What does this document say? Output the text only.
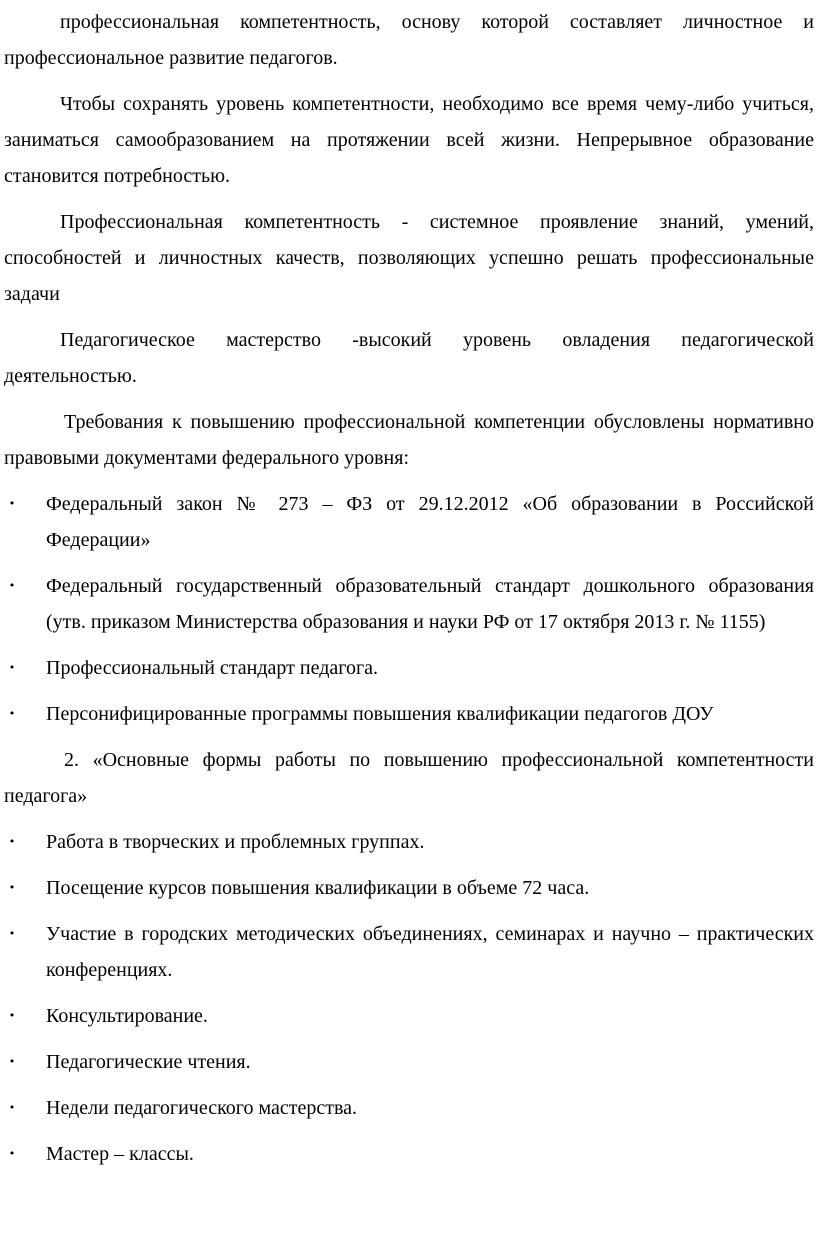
профессиональная компетентность, основу которой составляет личностное и профессиональное развитие педагогов.

Чтобы сохранять уровень компетентности, необходимо все время чему-либо учиться, заниматься самообразованием на протяжении всей жизни. Непрерывное образование становится потребностью.

Профессиональная компетентность - системное проявление знаний, умений, способностей и личностных качеств, позволяющих успешно решать профессиональные задачи

Педагогическое мастерство -высокий уровень овладения педагогической деятельностью.

Требования к повышению профессиональной компетенции обусловлены нормативно правовыми документами федерального уровня:

• Федеральный закон № 273 – ФЗ от 29.12.2012 «Об образовании в Российской Федерации»
• Федеральный государственный образовательный стандарт дошкольного образования (утв. приказом Министерства образования и науки РФ от 17 октября 2013 г. № 1155)
• Профессиональный стандарт педагога.
• Персонифицированные программы повышения квалификации педагогов ДОУ

2. «Основные формы работы по повышению профессиональной компетентности педагога»

• Работа в творческих и проблемных группах.
• Посещение курсов повышения квалификации в объеме 72 часа.
• Участие в городских методических объединениях, семинарах и научно – практических конференциях.
• Консультирование.
• Педагогические чтения.
• Недели педагогического мастерства.
• Мастер – классы.
